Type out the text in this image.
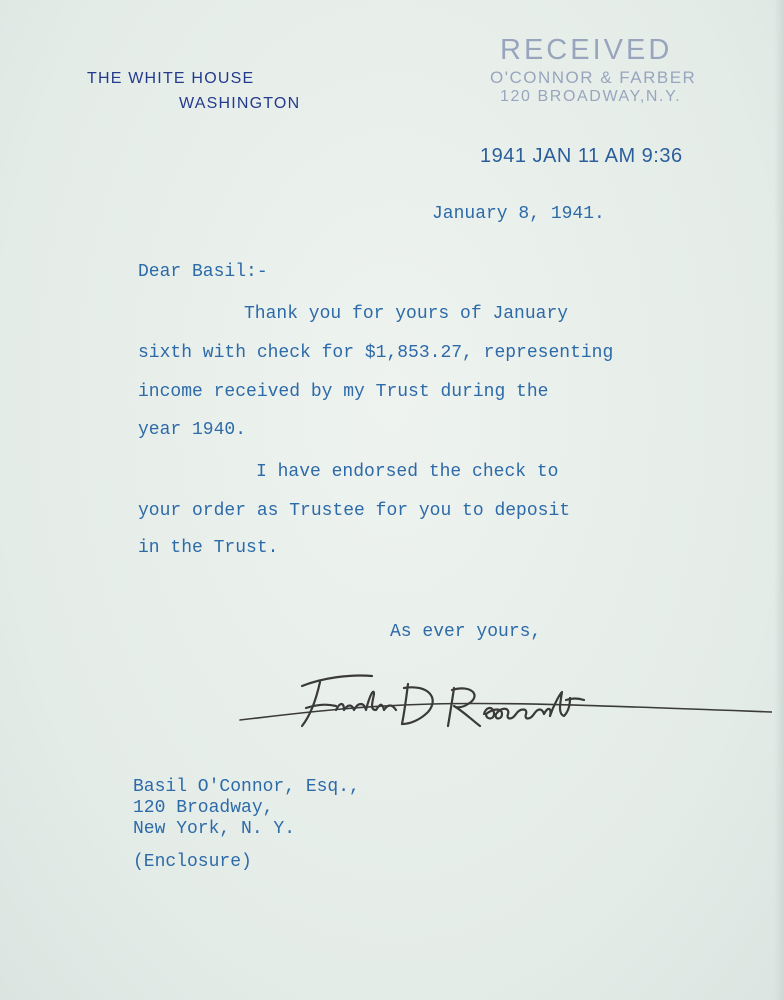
THE WHITE HOUSE
WASHINGTON
RECEIVED
O'CONNOR & FARBER
120 BROADWAY,N.Y.
1941 JAN 11 AM 9:36
January 8, 1941.
Dear Basil:-
Thank you for yours of January
sixth with check for $1,853.27, representing
income received by my Trust during the
year 1940.
I have endorsed the check to
your order as Trustee for you to deposit
in the Trust.
As ever yours,
Basil O'Connor, Esq.,
120 Broadway,
New York, N. Y.
(Enclosure)
